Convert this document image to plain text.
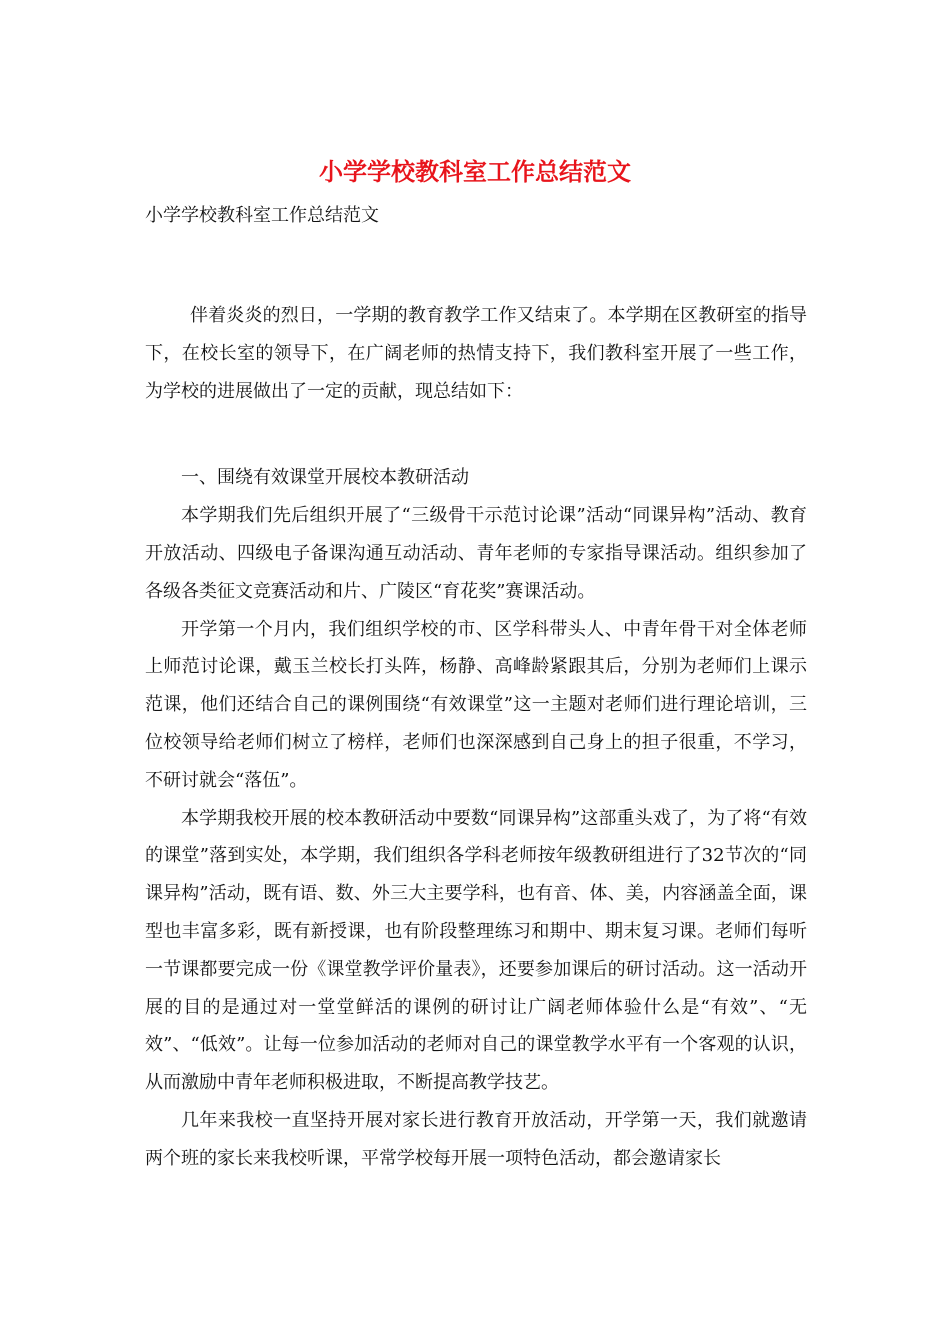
小学学校教科室工作总结范文

小学学校教科室工作总结范文

伴着炎炎的烈日，一学期的教育教学工作又结束了。本学期在区教研室的指导下，在校长室的领导下，在广阔老师的热情支持下，我们教科室开展了一些工作，为学校的进展做出了一定的贡献，现总结如下：

一、围绕有效课堂开展校本教研活动

本学期我们先后组织开展了“三级骨干示范讨论课”活动“同课异构”活动、教育开放活动、四级电子备课沟通互动活动、青年老师的专家指导课活动。组织参加了各级各类征文竞赛活动和片、广陵区“育花奖”赛课活动。

开学第一个月内，我们组织学校的市、区学科带头人、中青年骨干对全体老师上师范讨论课，戴玉兰校长打头阵，杨静、高峰龄紧跟其后，分别为老师们上课示范课，他们还结合自己的课例围绕“有效课堂”这一主题对老师们进行理论培训，三位校领导给老师们树立了榜样，老师们也深深感到自己身上的担子很重，不学习，不研讨就会“落伍”。

本学期我校开展的校本教研活动中要数“同课异构”这部重头戏了，为了将“有效的课堂”落到实处，本学期，我们组织各学科老师按年级教研组进行了32节次的“同课异构”活动，既有语、数、外三大主要学科，也有音、体、美，内容涵盖全面，课型也丰富多彩，既有新授课，也有阶段整理练习和期中、期末复习课。老师们每听一节课都要完成一份《课堂教学评价量表》，还要参加课后的研讨活动。这一活动开展的目的是通过对一堂堂鲜活的课例的研讨让广阔老师体验什么是“有效”、“无效”、“低效”。让每一位参加活动的老师对自己的课堂教学水平有一个客观的认识，从而激励中青年老师积极进取，不断提高教学技艺。

几年来我校一直坚持开展对家长进行教育开放活动，开学第一天，我们就邀请两个班的家长来我校听课，平常学校每开展一项特色活动，都会邀请家长
